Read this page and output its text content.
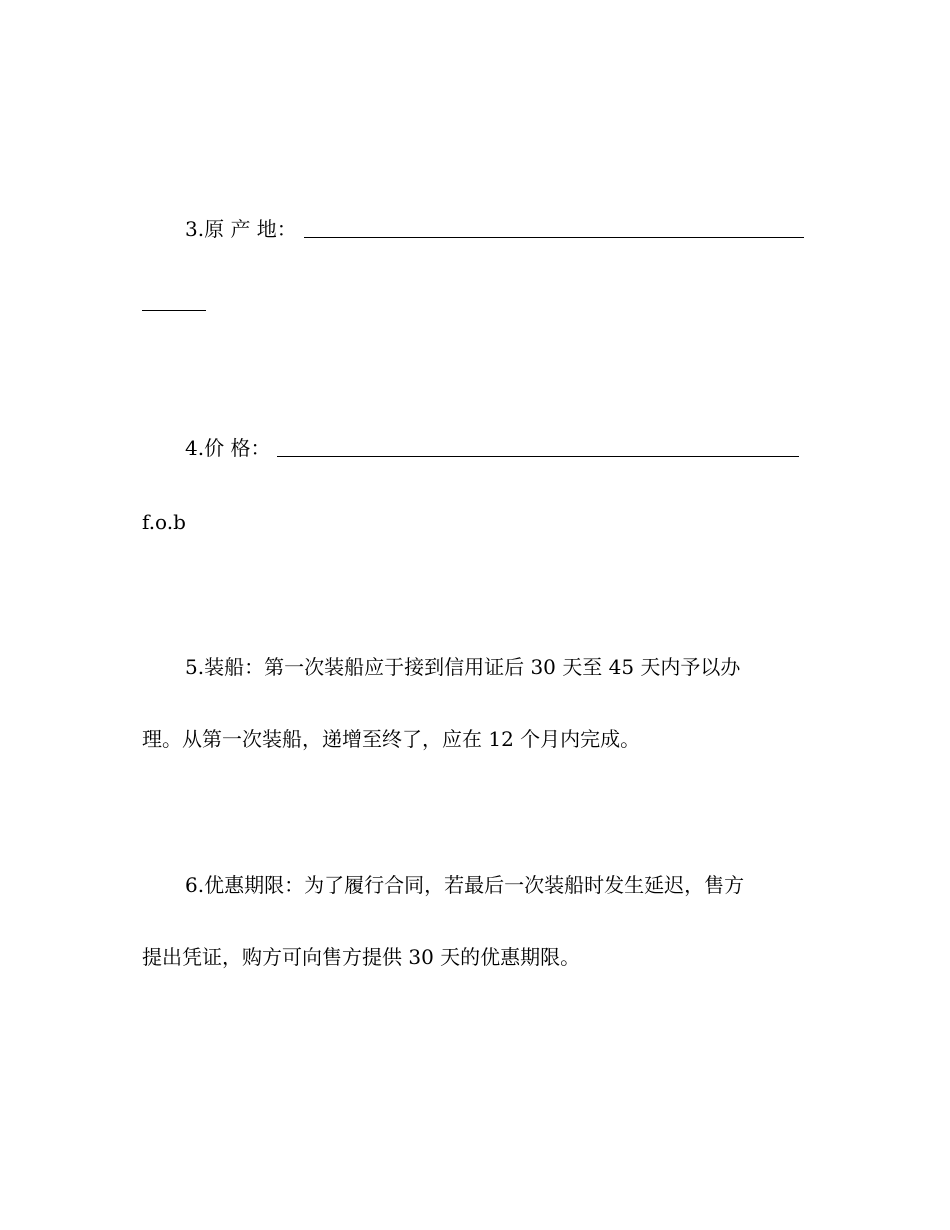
3.原 产 地：
4.价 格：
f.o.b
5.装船：第一次装船应于接到信用证后 30 天至 45 天内予以办
理。从第一次装船，递增至终了，应在 12 个月内完成。
6.优惠期限：为了履行合同，若最后一次装船时发生延迟，售方
提出凭证，购方可向售方提供 30 天的优惠期限。
